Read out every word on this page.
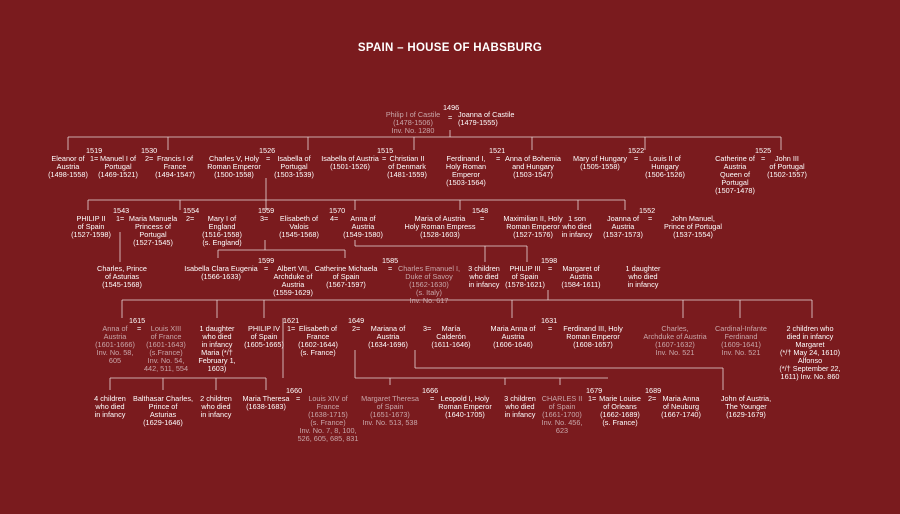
SPAIN – HOUSE OF HABSBURG
1496
1519	1530	1526	1515	1521	1522	1525
1543	1554	1559	1570	1548	1552
1599	1585	1598
1615	1621	1649	1631
1660	1666	1679	1689
=
1=	2=	=	=	=	=	=
1=	2=	3=	4=	=	=
=	=	=
=	1=	2=	3=	=
=	=	1=	2=
Philip I of Castile
(1478-1506)
Inv. No. 1280
Joanna of Castile
(1479-1555)
Eleanor of
Austria
(1498-1558)
Manuel I of
Portugal
(1469-1521)
Francis I of
France
(1494-1547)
Charles V, Holy
Roman Emperor
(1500-1558)
Isabella of
Portugal
(1503-1539)
Isabella of Austria
(1501-1526)
Christian II
of Denmark
(1481-1559)
Ferdinand I,
Holy Roman
Emperor
(1503-1564)
Anna of Bohemia
and Hungary
(1503-1547)
Mary of Hungary
(1505-1558)
Louis II of
Hungary
(1506-1526)
Catherine of
Austria
Queen of
Portugal
(1507-1478)
John III
of Portugal
(1502-1557)
PHILIP II
of Spain
(1527-1598)
Maria Manuela
Princess of
Portugal
(1527-1545)
Mary I of
England
(1516-1558)
(s. England)
Elisabeth of
Valois
(1545-1568)
Anna of
Austria
(1549-1580)
Maria of Austria
Holy Roman Empress
(1528-1603)
Maximilian II, Holy
Roman Emperor
(1527-1576)
1 son
who died
in infancy
Joanna of
Austria
(1537-1573)
John Manuel,
Prince of Portugal
(1537-1554)
Charles, Prince
of Asturias
(1545-1568)
Isabella Clara Eugenia
(1566-1633)
Albert VII,
Archduke of
Austria
(1559-1629)
Catherine Michaela
of Spain
(1567-1597)
Charles Emanuel I,
Duke of Savoy
(1562-1630)
(s. Italy)
Inv. No. 617
3 children
who died
in infancy
PHILIP III
of Spain
(1578-1621)
Margaret of
Austria
(1584-1611)
1 daughter
who died
in infancy
Anna of
Austria
(1601-1666)
Inv. No. 58,
605
Louis XIII
of France
(1601-1643)
(s.France)
Inv. No. 54,
442, 511, 554
1 daughter
who died
in infancy
Maria (*/†
February 1,
1603)
PHILIP IV
of Spain
(1605-1665)
Elisabeth of
France
(1602-1644)
(s. France)
Mariana of
Austria
(1634-1696)
María
Calderón
(1611-1646)
Maria Anna of
Austria
(1606-1646)
Ferdinand III, Holy
Roman Emperor
(1608-1657)
Charles,
Archduke of Austria
(1607-1632)
Inv. No. 521
Cardinal-Infante
Ferdinand
(1609-1641)
Inv. No. 521
2 children who
died in infancy
Margaret
(*/† May 24, 1610)
Alfonso
(*/† September 22,
1611) Inv. No. 860
4 children
who died
in infancy
Balthasar Charles,
Prince of
Asturias
(1629-1646)
2 children
who died
in infancy
Maria Theresa
(1638-1683)
Louis XIV of
France
(1638-1715)
(s. France)
Inv. No. 7, 8, 100,
526, 605, 685, 831
Margaret Theresa
of Spain
(1651-1673)
Inv. No. 513, 538
Leopold I, Holy
Roman Emperor
(1640-1705)
3 children
who died
in infancy
CHARLES II
of Spain
(1661-1700)
Inv. No. 456,
623
Marie Louise
of Orleans
(1662-1689)
(s. France)
Maria Anna
of Neuburg
(1667-1740)
John of Austria,
The Younger
(1629-1679)
